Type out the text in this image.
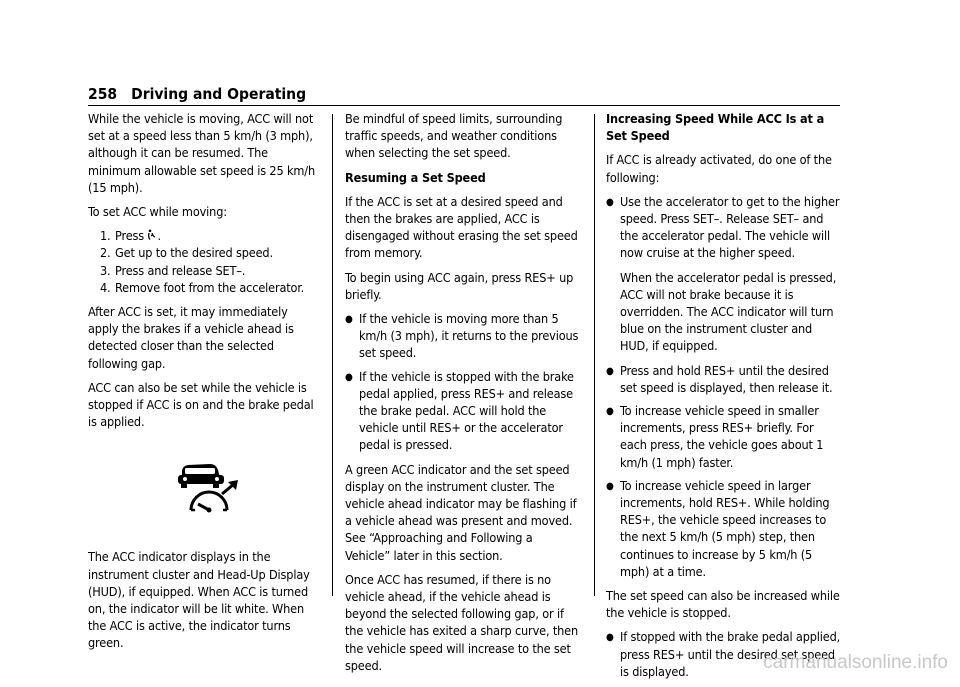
258 Driving and Operating

While the vehicle is moving, ACC will not set at a speed less than 5 km/h (3 mph), although it can be resumed. The minimum allowable set speed is 25 km/h (15 mph).

To set ACC while moving:

1. Press .
2. Get up to the desired speed.
3. Press and release SET–.
4. Remove foot from the accelerator.

After ACC is set, it may immediately apply the brakes if a vehicle ahead is detected closer than the selected following gap.

ACC can also be set while the vehicle is stopped if ACC is on and the brake pedal is applied.

The ACC indicator displays in the instrument cluster and Head-Up Display (HUD), if equipped. When ACC is turned on, the indicator will be lit white. When the ACC is active, the indicator turns green.

Be mindful of speed limits, surrounding traffic speeds, and weather conditions when selecting the set speed.

Resuming a Set Speed

If the ACC is set at a desired speed and then the brakes are applied, ACC is disengaged without erasing the set speed from memory.

To begin using ACC again, press RES+ up briefly.

● If the vehicle is moving more than 5 km/h (3 mph), it returns to the previous set speed.
● If the vehicle is stopped with the brake pedal applied, press RES+ and release the brake pedal. ACC will hold the vehicle until RES+ or the accelerator pedal is pressed.

A green ACC indicator and the set speed display on the instrument cluster. The vehicle ahead indicator may be flashing if a vehicle ahead was present and moved. See “Approaching and Following a Vehicle” later in this section.

Once ACC has resumed, if there is no vehicle ahead, if the vehicle ahead is beyond the selected following gap, or if the vehicle has exited a sharp curve, then the vehicle speed will increase to the set speed.

Increasing Speed While ACC Is at a Set Speed

If ACC is already activated, do one of the following:

● Use the accelerator to get to the higher speed. Press SET–. Release SET– and the accelerator pedal. The vehicle will now cruise at the higher speed.

When the accelerator pedal is pressed, ACC will not brake because it is overridden. The ACC indicator will turn blue on the instrument cluster and HUD, if equipped.

● Press and hold RES+ until the desired set speed is displayed, then release it.
● To increase vehicle speed in smaller increments, press RES+ briefly. For each press, the vehicle goes about 1 km/h (1 mph) faster.
● To increase vehicle speed in larger increments, hold RES+. While holding RES+, the vehicle speed increases to the next 5 km/h (5 mph) step, then continues to increase by 5 km/h (5 mph) at a time.

The set speed can also be increased while the vehicle is stopped.

● If stopped with the brake pedal applied, press RES+ until the desired set speed is displayed.	carmanualsonline.info
